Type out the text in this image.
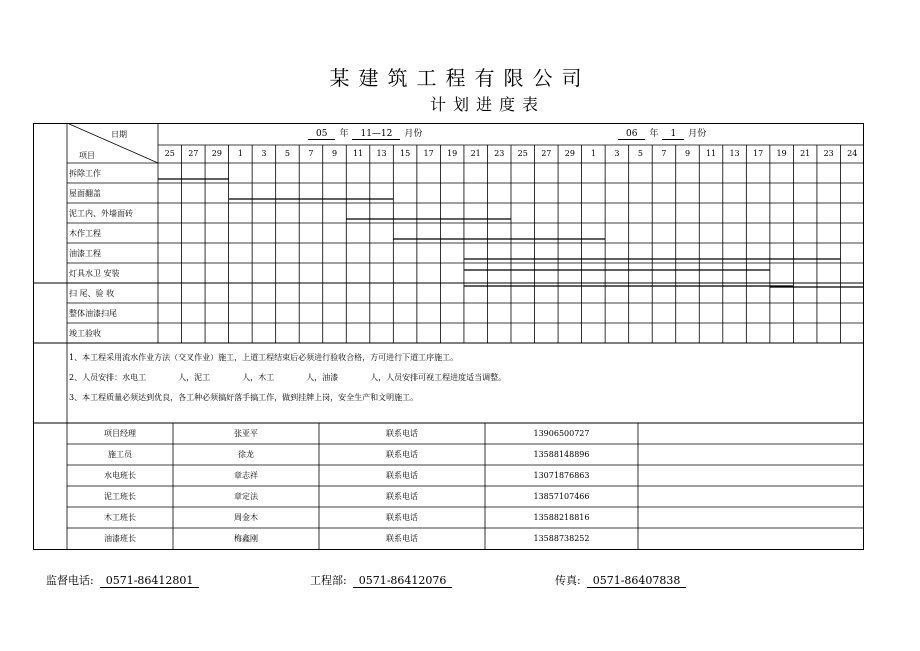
某建筑工程有限公司
计划进度表
日期
项目
05 年 11—12 月份	06 年 1 月份
25	27	29	1	3	5	7	9	11	13	15	17	19	21	23	25	27	29	1	3	5	7	9	11	13	17	19	21	23	24
拆除工作
屋面翻盖
泥工内、外墙面砖
木作工程
油漆工程
灯具水卫 安装
扫 尾、验 收
整体油漆扫尾
竣工验收
1、本工程采用流水作业方法（交叉作业）施工，上道工程结束后必须进行验收合格，方可进行下道工序施工。
2、人员安排：水电工　　　　人，泥工　　　　人，木工　　　　人，油漆　　　　人，人员安排可视工程进度适当调整。
3、本工程质量必须达到优良，各工种必须搞好落手搞工作，做到挂牌上岗，安全生产和文明施工。
项目经理	张亚平	联系电话	13906500727
施工员	徐龙	联系电话	13588148896
水电班长	章志祥	联系电话	13071876863
泥工班长	章定法	联系电话	13857107466
木工班长	周金木	联系电话	13588218816
油漆班长	梅鑫刚	联系电话	13588738252
监督电话: 0571-86412801	工程部: 0571-86412076	传真: 0571-86407838
